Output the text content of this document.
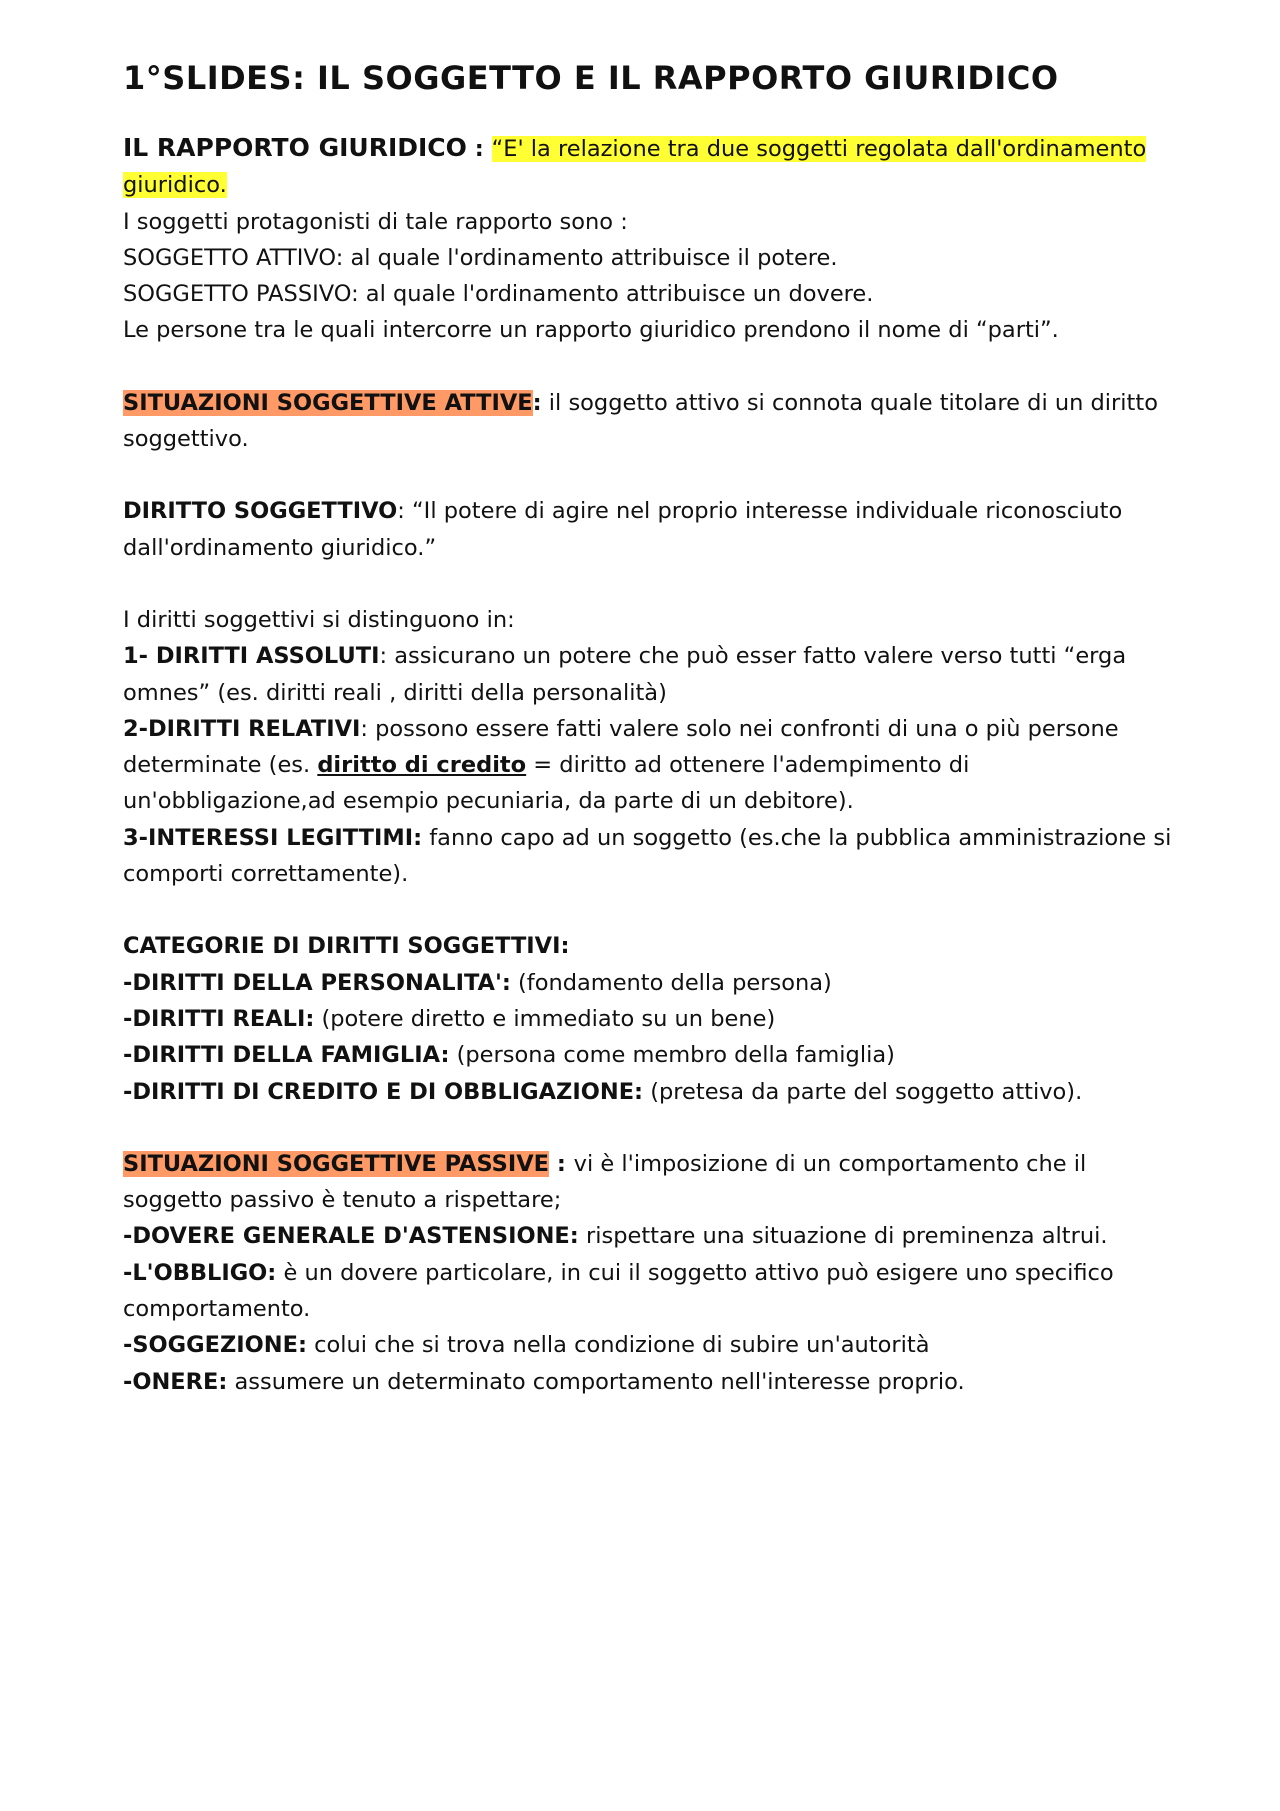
1°SLIDES: IL SOGGETTO E IL RAPPORTO GIURIDICO
IL RAPPORTO GIURIDICO : “E' la relazione tra due soggetti regolata dall'ordinamento giuridico.
I soggetti protagonisti di tale rapporto sono :
SOGGETTO ATTIVO: al quale l'ordinamento attribuisce il potere.
SOGGETTO PASSIVO: al quale l'ordinamento attribuisce un dovere.
Le persone tra le quali intercorre un rapporto giuridico prendono il nome di “parti”.
SITUAZIONI SOGGETTIVE ATTIVE: il soggetto attivo si connota quale titolare di un diritto soggettivo.
DIRITTO SOGGETTIVO: “Il potere di agire nel proprio interesse individuale riconosciuto dall'ordinamento giuridico.”
I diritti soggettivi si distinguono in:
1- DIRITTI ASSOLUTI: assicurano un potere che può esser fatto valere verso tutti “erga omnes” (es. diritti reali , diritti della personalità)
2-DIRITTI RELATIVI: possono essere fatti valere solo nei confronti di una o più persone determinate (es. diritto di credito = diritto ad ottenere l'adempimento di un'obbligazione,ad esempio pecuniaria, da parte di un debitore).
3-INTERESSI LEGITTIMI: fanno capo ad un soggetto (es.che la pubblica amministrazione si comporti correttamente).
CATEGORIE DI DIRITTI SOGGETTIVI:
-DIRITTI DELLA PERSONALITA': (fondamento della persona)
-DIRITTI REALI: (potere diretto e immediato su un bene)
-DIRITTI DELLA FAMIGLIA: (persona come membro della famiglia)
-DIRITTI DI CREDITO E DI OBBLIGAZIONE: (pretesa da parte del soggetto attivo).
SITUAZIONI SOGGETTIVE PASSIVE : vi è l'imposizione di un comportamento che il soggetto passivo è tenuto a rispettare;
-DOVERE GENERALE D'ASTENSIONE: rispettare una situazione di preminenza altrui.
-L'OBBLIGO: è un dovere particolare, in cui il soggetto attivo può esigere uno specifico comportamento.
-SOGGEZIONE: colui che si trova nella condizione di subire un'autorità
-ONERE: assumere un determinato comportamento nell'interesse proprio.
